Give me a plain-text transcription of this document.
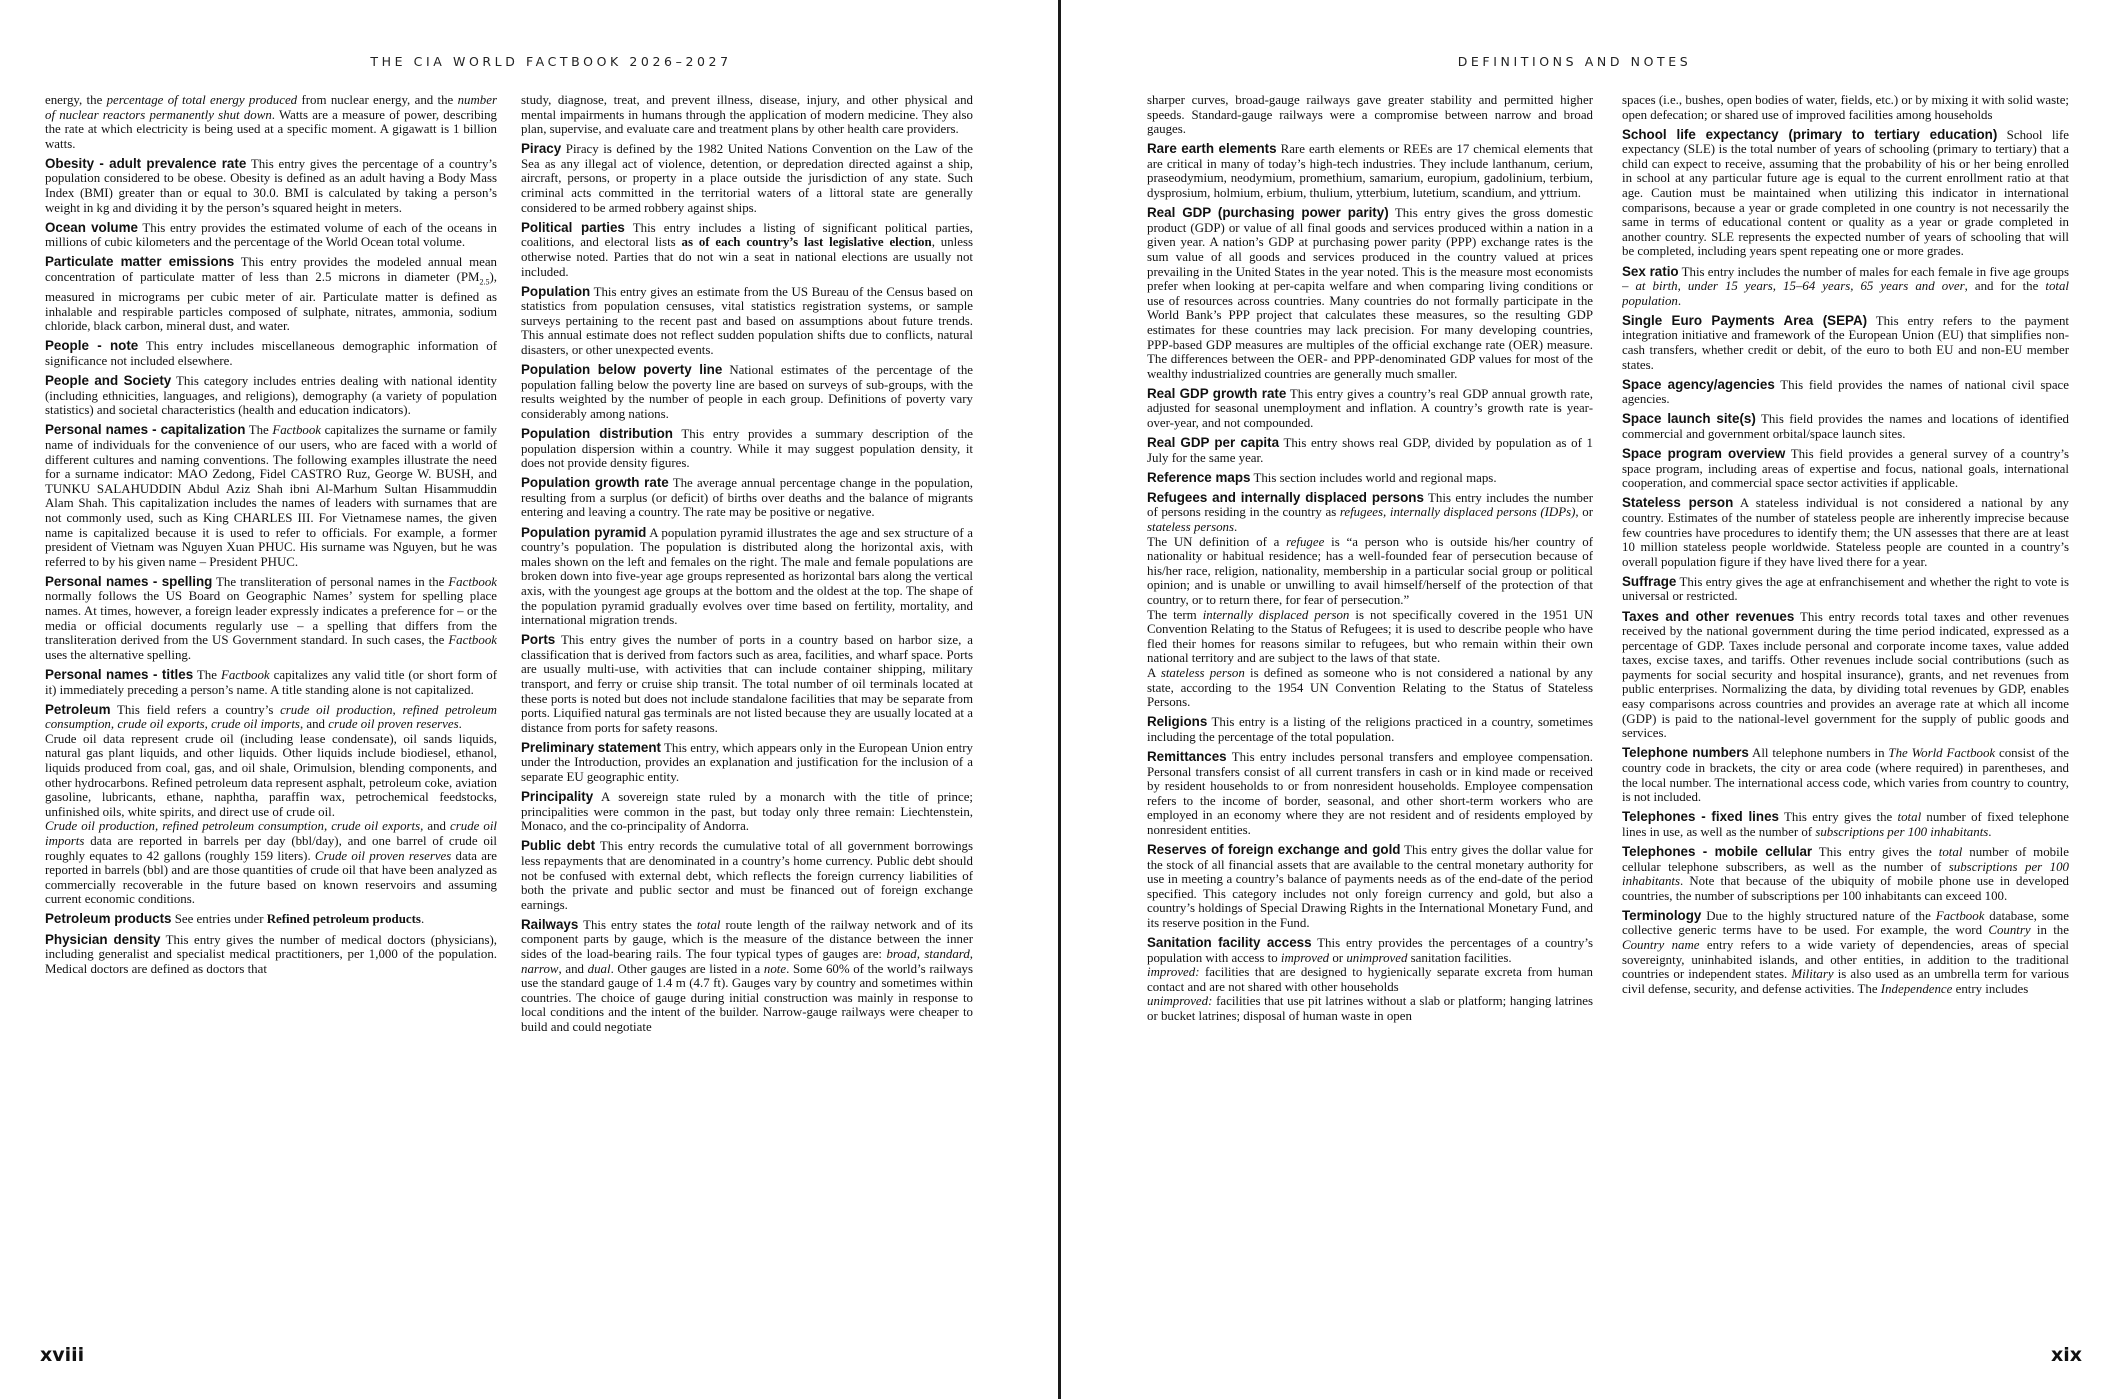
THE CIA WORLD FACTBOOK 2026–2027

energy, the percentage of total energy produced from nuclear energy, and the number of nuclear reactors permanently shut down. Watts are a measure of power, describing the rate at which electricity is being used at a specific moment. A gigawatt is 1 billion watts.

Obesity - adult prevalence rate This entry gives the percentage of a country’s population considered to be obese. Obesity is defined as an adult having a Body Mass Index (BMI) greater than or equal to 30.0. BMI is calculated by taking a person’s weight in kg and dividing it by the person’s squared height in meters.

Ocean volume This entry provides the estimated volume of each of the oceans in millions of cubic kilometers and the percentage of the World Ocean total volume.

Particulate matter emissions This entry provides the modeled annual mean concentration of particulate matter of less than 2.5 microns in diameter $(PM_{2.5})$, measured in micrograms per cubic meter of air. Particulate matter is defined as inhalable and respirable particles composed of sulphate, nitrates, ammonia, sodium chloride, black carbon, mineral dust, and water.

People - note This entry includes miscellaneous demographic information of significance not included elsewhere.

People and Society This category includes entries dealing with national identity (including ethnicities, languages, and religions), demography (a variety of population statistics) and societal characteristics (health and education indicators).

Personal names - capitalization The Factbook capitalizes the surname or family name of individuals for the convenience of our users, who are faced with a world of different cultures and naming conventions. The following examples illustrate the need for a surname indicator: MAO Zedong, Fidel CASTRO Ruz, George W. BUSH, and TUNKU SALAHUDDIN Abdul Aziz Shah ibni Al-Marhum Sultan Hisammuddin Alam Shah. This capitalization includes the names of leaders with surnames that are not commonly used, such as King CHARLES III. For Vietnamese names, the given name is capitalized because it is used to refer to officials. For example, a former president of Vietnam was Nguyen Xuan PHUC. His surname was Nguyen, but he was referred to by his given name – President PHUC.

Personal names - spelling The transliteration of personal names in the Factbook normally follows the US Board on Geographic Names’ system for spelling place names. At times, however, a foreign leader expressly indicates a preference for – or the media or official documents regularly use – a spelling that differs from the transliteration derived from the US Government standard. In such cases, the Factbook uses the alternative spelling.

Personal names - titles The Factbook capitalizes any valid title (or short form of it) immediately preceding a person’s name. A title standing alone is not capitalized.

Petroleum This field refers a country’s crude oil production, refined petroleum consumption, crude oil exports, crude oil imports, and crude oil proven reserves.

Crude oil data represent crude oil (including lease condensate), oil sands liquids, natural gas plant liquids, and other liquids. Other liquids include biodiesel, ethanol, liquids produced from coal, gas, and oil shale, Orimulsion, blending components, and other hydrocarbons. Refined petroleum data represent asphalt, petroleum coke, aviation gasoline, lubricants, ethane, naphtha, paraffin wax, petrochemical feedstocks, unfinished oils, white spirits, and direct use of crude oil.

Crude oil production, refined petroleum consumption, crude oil exports, and crude oil imports data are reported in barrels per day (bbl/day), and one barrel of crude oil roughly equates to 42 gallons (roughly 159 liters). Crude oil proven reserves data are reported in barrels (bbl) and are those quantities of crude oil that have been analyzed as commercially recoverable in the future based on known reservoirs and assuming current economic conditions.

Petroleum products See entries under Refined petroleum products.

Physician density This entry gives the number of medical doctors (physicians), including generalist and specialist medical practitioners, per 1,000 of the population. Medical doctors are defined as doctors that

study, diagnose, treat, and prevent illness, disease, injury, and other physical and mental impairments in humans through the application of modern medicine. They also plan, supervise, and evaluate care and treatment plans by other health care providers.

Piracy Piracy is defined by the 1982 United Nations Convention on the Law of the Sea as any illegal act of violence, detention, or depredation directed against a ship, aircraft, persons, or property in a place outside the jurisdiction of any state. Such criminal acts committed in the territorial waters of a littoral state are generally considered to be armed robbery against ships.

Political parties This entry includes a listing of significant political parties, coalitions, and electoral lists as of each country’s last legislative election, unless otherwise noted. Parties that do not win a seat in national elections are usually not included.

Population This entry gives an estimate from the US Bureau of the Census based on statistics from population censuses, vital statistics registration systems, or sample surveys pertaining to the recent past and based on assumptions about future trends. This annual estimate does not reflect sudden population shifts due to conflicts, natural disasters, or other unexpected events.

Population below poverty line National estimates of the percentage of the population falling below the poverty line are based on surveys of sub-groups, with the results weighted by the number of people in each group. Definitions of poverty vary considerably among nations.

Population distribution This entry provides a summary description of the population dispersion within a country. While it may suggest population density, it does not provide density figures.

Population growth rate The average annual percentage change in the population, resulting from a surplus (or deficit) of births over deaths and the balance of migrants entering and leaving a country. The rate may be positive or negative.

Population pyramid A population pyramid illustrates the age and sex structure of a country’s population. The population is distributed along the horizontal axis, with males shown on the left and females on the right. The male and female populations are broken down into five-year age groups represented as horizontal bars along the vertical axis, with the youngest age groups at the bottom and the oldest at the top. The shape of the population pyramid gradually evolves over time based on fertility, mortality, and international migration trends.

Ports This entry gives the number of ports in a country based on harbor size, a classification that is derived from factors such as area, facilities, and wharf space. Ports are usually multi-use, with activities that can include container shipping, military transport, and ferry or cruise ship transit. The total number of oil terminals located at these ports is noted but does not include standalone facilities that may be separate from ports. Liquified natural gas terminals are not listed because they are usually located at a distance from ports for safety reasons.

Preliminary statement This entry, which appears only in the European Union entry under the Introduction, provides an explanation and justification for the inclusion of a separate EU geographic entity.

Principality A sovereign state ruled by a monarch with the title of prince; principalities were common in the past, but today only three remain: Liechtenstein, Monaco, and the co-principality of Andorra.

Public debt This entry records the cumulative total of all government borrowings less repayments that are denominated in a country’s home currency. Public debt should not be confused with external debt, which reflects the foreign currency liabilities of both the private and public sector and must be financed out of foreign exchange earnings.

Railways This entry states the total route length of the railway network and of its component parts by gauge, which is the measure of the distance between the inner sides of the load-bearing rails. The four typical types of gauges are: broad, standard, narrow, and dual. Other gauges are listed in a note. Some 60% of the world’s railways use the standard gauge of 1.4 m (4.7 ft). Gauges vary by country and sometimes within countries. The choice of gauge during initial construction was mainly in response to local conditions and the intent of the builder. Narrow-gauge railways were cheaper to build and could negotiate

xviii
DEFINITIONS AND NOTES

sharper curves, broad-gauge railways gave greater stability and permitted higher speeds. Standard-gauge railways were a compromise between narrow and broad gauges.

Rare earth elements Rare earth elements or REEs are 17 chemical elements that are critical in many of today’s high-tech industries. They include lanthanum, cerium, praseodymium, neodymium, promethium, samarium, europium, gadolinium, terbium, dysprosium, holmium, erbium, thulium, ytterbium, lutetium, scandium, and yttrium.

Real GDP (purchasing power parity) This entry gives the gross domestic product (GDP) or value of all final goods and services produced within a nation in a given year. A nation’s GDP at purchasing power parity (PPP) exchange rates is the sum value of all goods and services produced in the country valued at prices prevailing in the United States in the year noted. This is the measure most economists prefer when looking at per-capita welfare and when comparing living conditions or use of resources across countries. Many countries do not formally participate in the World Bank’s PPP project that calculates these measures, so the resulting GDP estimates for these countries may lack precision. For many developing countries, PPP-based GDP measures are multiples of the official exchange rate (OER) measure. The differences between the OER- and PPP-denominated GDP values for most of the wealthy industrialized countries are generally much smaller.

Real GDP growth rate This entry gives a country’s real GDP annual growth rate, adjusted for seasonal unemployment and inflation. A country’s growth rate is year-over-year, and not compounded.

Real GDP per capita This entry shows real GDP, divided by population as of 1 July for the same year.

Reference maps This section includes world and regional maps.

Refugees and internally displaced persons This entry includes the number of persons residing in the country as refugees, internally displaced persons (IDPs), or stateless persons.

The UN definition of a refugee is “a person who is outside his/her country of nationality or habitual residence; has a well-founded fear of persecution because of his/her race, religion, nationality, membership in a particular social group or political opinion; and is unable or unwilling to avail himself/herself of the protection of that country, or to return there, for fear of persecution.”

The term internally displaced person is not specifically covered in the 1951 UN Convention Relating to the Status of Refugees; it is used to describe people who have fled their homes for reasons similar to refugees, but who remain within their own national territory and are subject to the laws of that state.

A stateless person is defined as someone who is not considered a national by any state, according to the 1954 UN Convention Relating to the Status of Stateless Persons.

Religions This entry is a listing of the religions practiced in a country, sometimes including the percentage of the total population.

Remittances This entry includes personal transfers and employee compensation. Personal transfers consist of all current transfers in cash or in kind made or received by resident households to or from nonresident households. Employee compensation refers to the income of border, seasonal, and other short-term workers who are employed in an economy where they are not resident and of residents employed by nonresident entities.

Reserves of foreign exchange and gold This entry gives the dollar value for the stock of all financial assets that are available to the central monetary authority for use in meeting a country’s balance of payments needs as of the end-date of the period specified. This category includes not only foreign currency and gold, but also a country’s holdings of Special Drawing Rights in the International Monetary Fund, and its reserve position in the Fund.

Sanitation facility access This entry provides the percentages of a country’s population with access to improved or unimproved sanitation facilities.

improved: facilities that are designed to hygienically separate excreta from human contact and are not shared with other households

unimproved: facilities that use pit latrines without a slab or platform; hanging latrines or bucket latrines; disposal of human waste in open

spaces (i.e., bushes, open bodies of water, fields, etc.) or by mixing it with solid waste; open defecation; or shared use of improved facilities among households

School life expectancy (primary to tertiary education) School life expectancy (SLE) is the total number of years of schooling (primary to tertiary) that a child can expect to receive, assuming that the probability of his or her being enrolled in school at any particular future age is equal to the current enrollment ratio at that age. Caution must be maintained when utilizing this indicator in international comparisons, because a year or grade completed in one country is not necessarily the same in terms of educational content or quality as a year or grade completed in another country. SLE represents the expected number of years of schooling that will be completed, including years spent repeating one or more grades.

Sex ratio This entry includes the number of males for each female in five age groups – at birth, under 15 years, 15–64 years, 65 years and over, and for the total population.

Single Euro Payments Area (SEPA) This entry refers to the payment integration initiative and framework of the European Union (EU) that simplifies non-cash transfers, whether credit or debit, of the euro to both EU and non-EU member states.

Space agency/agencies This field provides the names of national civil space agencies.

Space launch site(s) This field provides the names and locations of identified commercial and government orbital/space launch sites.

Space program overview This field provides a general survey of a country’s space program, including areas of expertise and focus, national goals, international cooperation, and commercial space sector activities if applicable.

Stateless person A stateless individual is not considered a national by any country. Estimates of the number of stateless people are inherently imprecise because few countries have procedures to identify them; the UN assesses that there are at least 10 million stateless people worldwide. Stateless people are counted in a country’s overall population figure if they have lived there for a year.

Suffrage This entry gives the age at enfranchisement and whether the right to vote is universal or restricted.

Taxes and other revenues This entry records total taxes and other revenues received by the national government during the time period indicated, expressed as a percentage of GDP. Taxes include personal and corporate income taxes, value added taxes, excise taxes, and tariffs. Other revenues include social contributions (such as payments for social security and hospital insurance), grants, and net revenues from public enterprises. Normalizing the data, by dividing total revenues by GDP, enables easy comparisons across countries and provides an average rate at which all income (GDP) is paid to the national-level government for the supply of public goods and services.

Telephone numbers All telephone numbers in The World Factbook consist of the country code in brackets, the city or area code (where required) in parentheses, and the local number. The international access code, which varies from country to country, is not included.

Telephones - fixed lines This entry gives the total number of fixed telephone lines in use, as well as the number of subscriptions per 100 inhabitants.

Telephones - mobile cellular This entry gives the total number of mobile cellular telephone subscribers, as well as the number of subscriptions per 100 inhabitants. Note that because of the ubiquity of mobile phone use in developed countries, the number of subscriptions per 100 inhabitants can exceed 100.

Terminology Due to the highly structured nature of the Factbook database, some collective generic terms have to be used. For example, the word Country in the Country name entry refers to a wide variety of dependencies, areas of special sovereignty, uninhabited islands, and other entities, in addition to the traditional countries or independent states. Military is also used as an umbrella term for various civil defense, security, and defense activities. The Independence entry includes

xix
